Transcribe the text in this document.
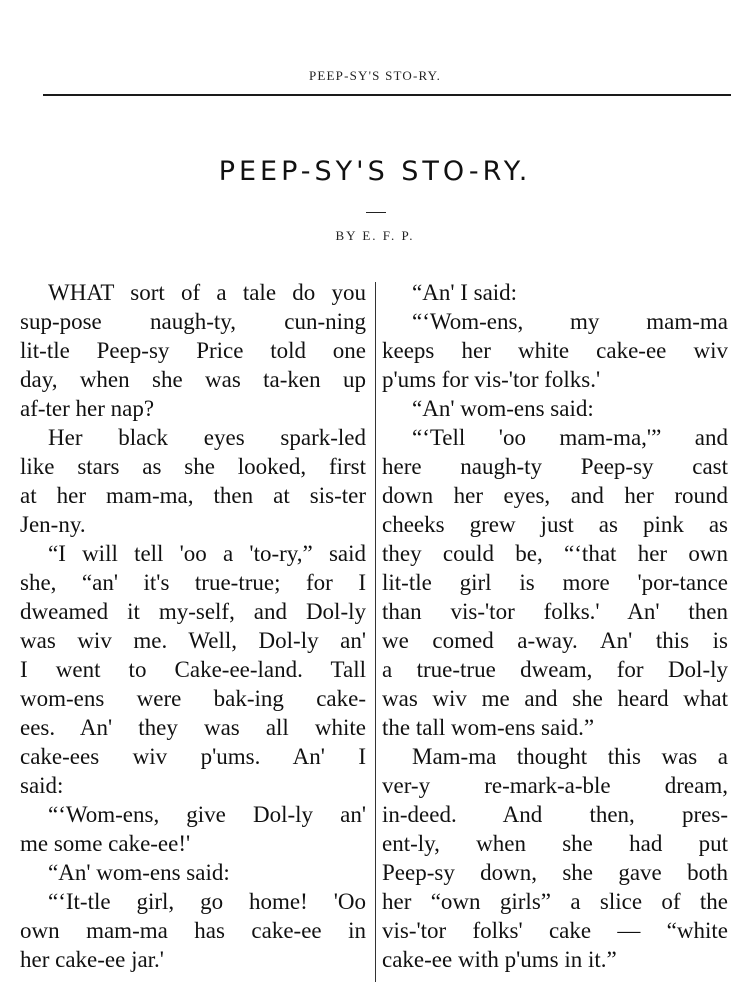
PEEP-SY'S STO-RY.
PEEP-SY'S STO-RY.
BY E. F. P.
WHAT sort of a tale do you
sup-pose naugh-ty, cun-ning
lit-tle Peep-sy Price told one
day, when she was ta-ken up
af-ter her nap?
Her black eyes spark-led
like stars as she looked, first
at her mam-ma, then at sis-ter
Jen-ny.
“I will tell 'oo a 'to-ry,” said
she, “an' it's true-true; for I
dweamed it my-self, and Dol-ly
was wiv me. Well, Dol-ly an'
I went to Cake-ee-land. Tall
wom-ens were bak-ing cake-
ees. An' they was all white
cake-ees wiv p'ums. An' I
said:
“‘Wom-ens, give Dol-ly an'
me some cake-ee!'
“An' wom-ens said:
“‘It-tle girl, go home! 'Oo
own mam-ma has cake-ee in
her cake-ee jar.'
“An' I said:
“‘Wom-ens, my mam-ma
keeps her white cake-ee wiv
p'ums for vis-'tor folks.'
“An' wom-ens said:
“‘Tell 'oo mam-ma,'” and
here naugh-ty Peep-sy cast
down her eyes, and her round
cheeks grew just as pink as
they could be, “‘that her own
lit-tle girl is more 'por-tance
than vis-'tor folks.' An' then
we comed a-way. An' this is
a true-true dweam, for Dol-ly
was wiv me and she heard what
the tall wom-ens said.”
Mam-ma thought this was a
ver-y re-mark-a-ble dream,
in-deed. And then, pres-
ent-ly, when she had put
Peep-sy down, she gave both
her “own girls” a slice of the
vis-'tor folks' cake — “white
cake-ee with p'ums in it.”
